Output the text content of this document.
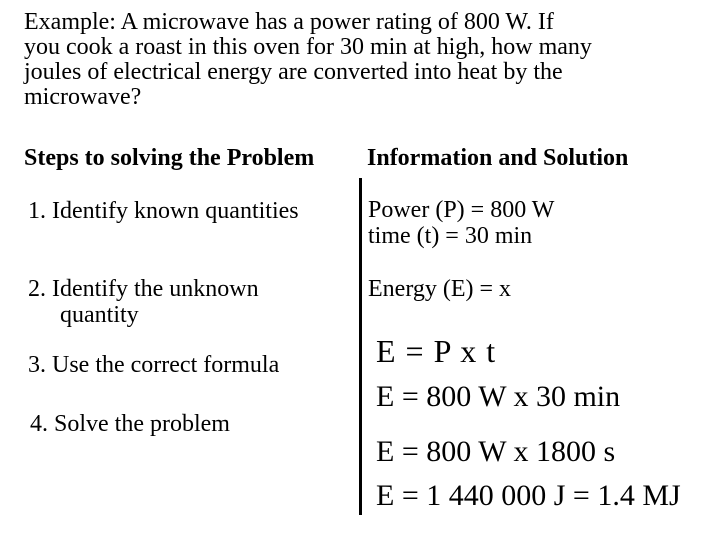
Example: A microwave has a power rating of 800 W. If
you cook a roast in this oven for 30 min at high, how many
joules of electrical energy are converted into heat by the
microwave?
Steps to solving the Problem Information and Solution
1. Identify known quantities
2. Identify the unknown
quantity
3. Use the correct formula
4. Solve the problem
Power (P) = 800 W
time (t) = 30 min
Energy (E) = x
E = P x t
E = 800 W x 30 min
E = 800 W x 1800 s
E = 1 440 000 J = 1.4 MJ
